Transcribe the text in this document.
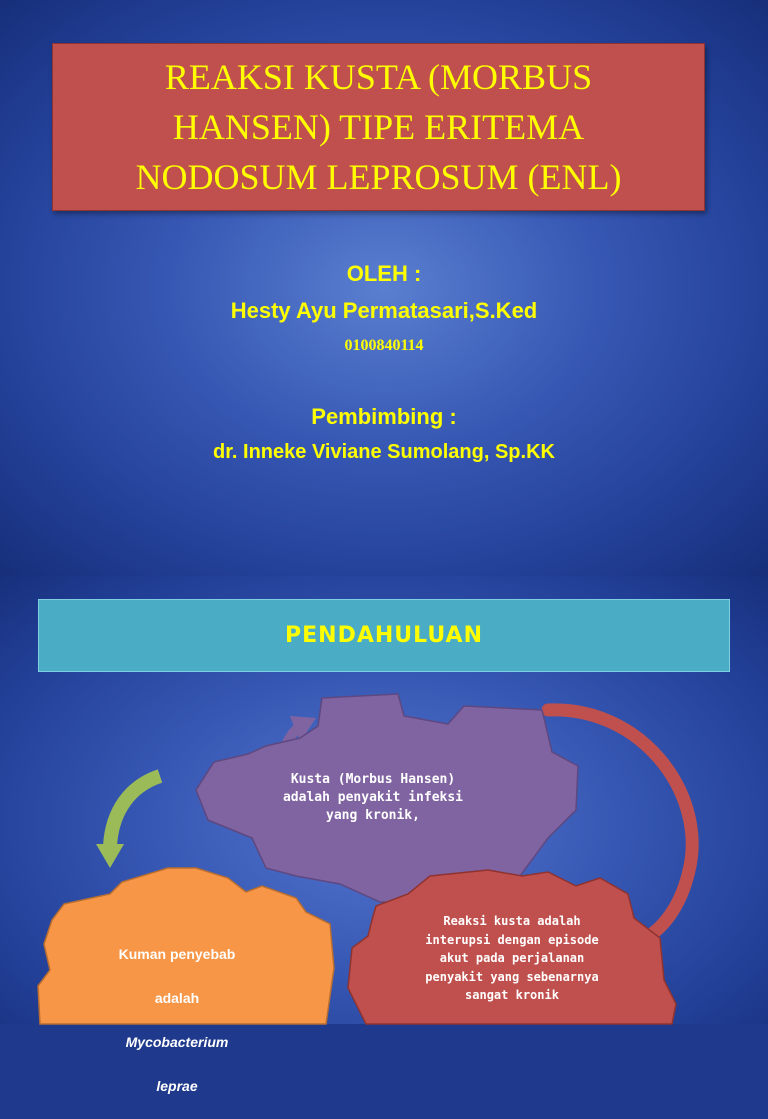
REAKSI KUSTA (MORBUS
HANSEN) TIPE ERITEMA
NODOSUM LEPROSUM (ENL)

OLEH :
Hesty Ayu Permatasari,S.Ked
0100840114
Pembimbing :
dr. Inneke Viviane Sumolang, Sp.KK
PENDAHULUAN
Kusta (Morbus Hansen)
adalah penyakit infeksi
yang kronik,

Kuman penyebab

adalah

Mycobacterium

leprae

Reaksi kusta adalah
interupsi dengan episode
akut pada perjalanan
penyakit yang sebenarnya
sangat kronik
